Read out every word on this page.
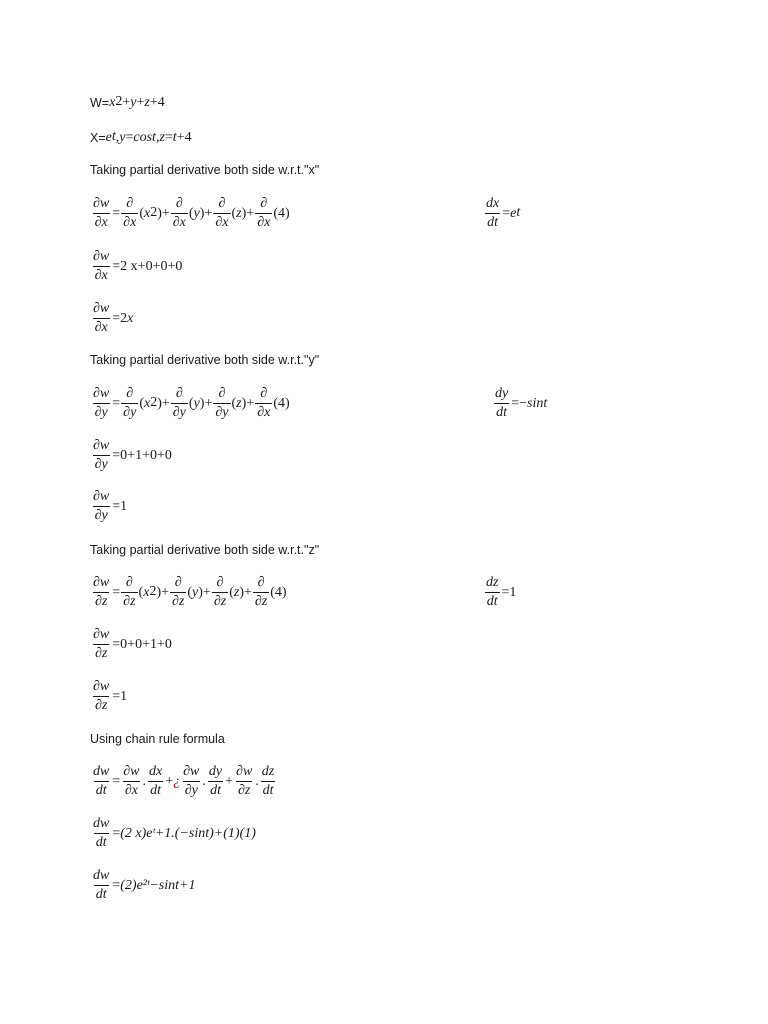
$W= x^2 + y + z +4$
$X= e^t$ , y = cost , z = t +4
Taking partial derivative both side w.r.t."x"
$\frac{\partial w}{\partial x} = \frac{\partial}{\partial x}$ ( $x^2$ )+ $\frac{\partial}{\partial x}$ ( y )+ $\frac{\partial}{\partial x}$ ( z )+ $\frac{\partial}{\partial x} (4)$	$\frac{dx}{dt} = e^t$
$\frac{\partial w}{\partial x} = 2$ x+0+0+0
$\frac{\partial w}{\partial x} =2$ x
Taking partial derivative both side w.r.t."y"
$\frac{\partial w}{\partial y} = \frac{\partial}{\partial y}$ ( $x^2$ )+ $\frac{\partial}{\partial y}$ ( y )+ $\frac{\partial}{\partial y}$ ( z )+ $\frac{\partial}{\partial x} (4)$	$\frac{dy}{dt} =- \sin t$
$\frac{\partial w}{\partial y} = 0+1+0+0$
$\frac{\partial w}{\partial y} = 1$
Taking partial derivative both side w.r.t."z"
$\frac{\partial w}{\partial z} = \frac{\partial}{\partial z}$ ( $x^2$ )+ $\frac{\partial}{\partial z}$ ( y )+ $\frac{\partial}{\partial z}$ ( z )+ $\frac{\partial}{\partial z} (4)$	$\frac{dz}{dt} = 1$
$\frac{\partial w}{\partial z} = 0+0+1+0$
$\frac{\partial w}{\partial z} = 1$
Using chain rule formula
$\frac{dw}{dt} = \frac{\partial w}{\partial x}$ . $\frac{dx}{dt}$ + ¿ $\frac{\partial w}{\partial y}$ . $\frac{dy}{dt} + \frac{\partial w}{\partial z}$ . $\frac{dz}{dt}$
$\frac{dw}{dt} = (2$ x)eᵗ+1.(−sint)+(1)(1)
$\frac{dw}{dt}$ = (2)e²ᵗ−sint+1
